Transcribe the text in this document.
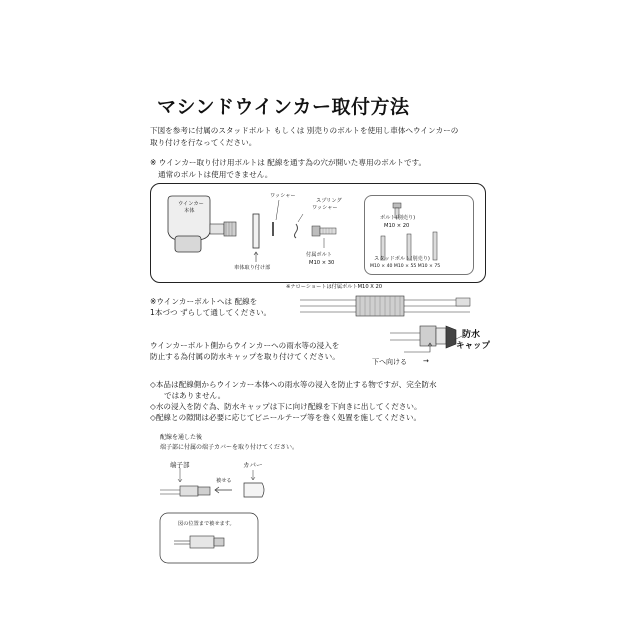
マシンドウインカー取付方法
下図を参考に付属のスタッドボルト もしくは 別売りのボルトを使用し車体へウインカーの
取り付けを行なってください。
※ ウインカー取り付け用ボルトは 配線を通す為の穴が開いた専用のボルトです。
通常のボルトは使用できません。
ウインカー
本体
ワッシャー
スプリング
ワッシャー
車体取り付け部
付属ボルト
M10 × 30
ボルト(別売り)
M10 × 20
スタッドボルト(別売り)
M10 × 40 M10 × 55 M10 × 75
※ナローショートは付属ボルトM10 X 20
※ウインカーボルトへは 配線を
1本づつ ずらして通してください。
ウインカーボルト側からウインカーへの雨水等の浸入を
防止する為付属の防水キャップを取り付けてください。
防水
キャップ
下へ向ける →
◇本品は配線側からウインカー本体への雨水等の浸入を防止する物ですが、完全防水
ではありません。
◇水の浸入を防ぐ為、防水キャップは下に向け配線を下向きに出してください。
◇配線との隙間は必要に応じてビニールテープ等を巻く処置を施してください。
配線を通した後
端子部に付属の端子カバーを取り付けてください。
端子部	カバー
被せる
図の位置まで被せます。
